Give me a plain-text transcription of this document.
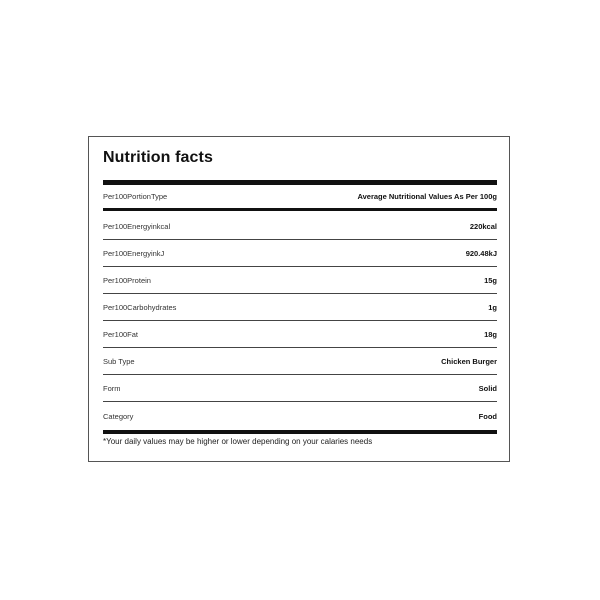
Nutrition facts
Per100PortionType	Average Nutritional Values As Per 100g
Per100Energyinkcal	220kcal
Per100EnergyinkJ	920.48kJ
Per100Protein	15g
Per100Carbohydrates	1g
Per100Fat	18g
Sub Type	Chicken Burger
Form	Solid
Category	Food
*Your daily values may be higher or lower depending on your calaries needs
